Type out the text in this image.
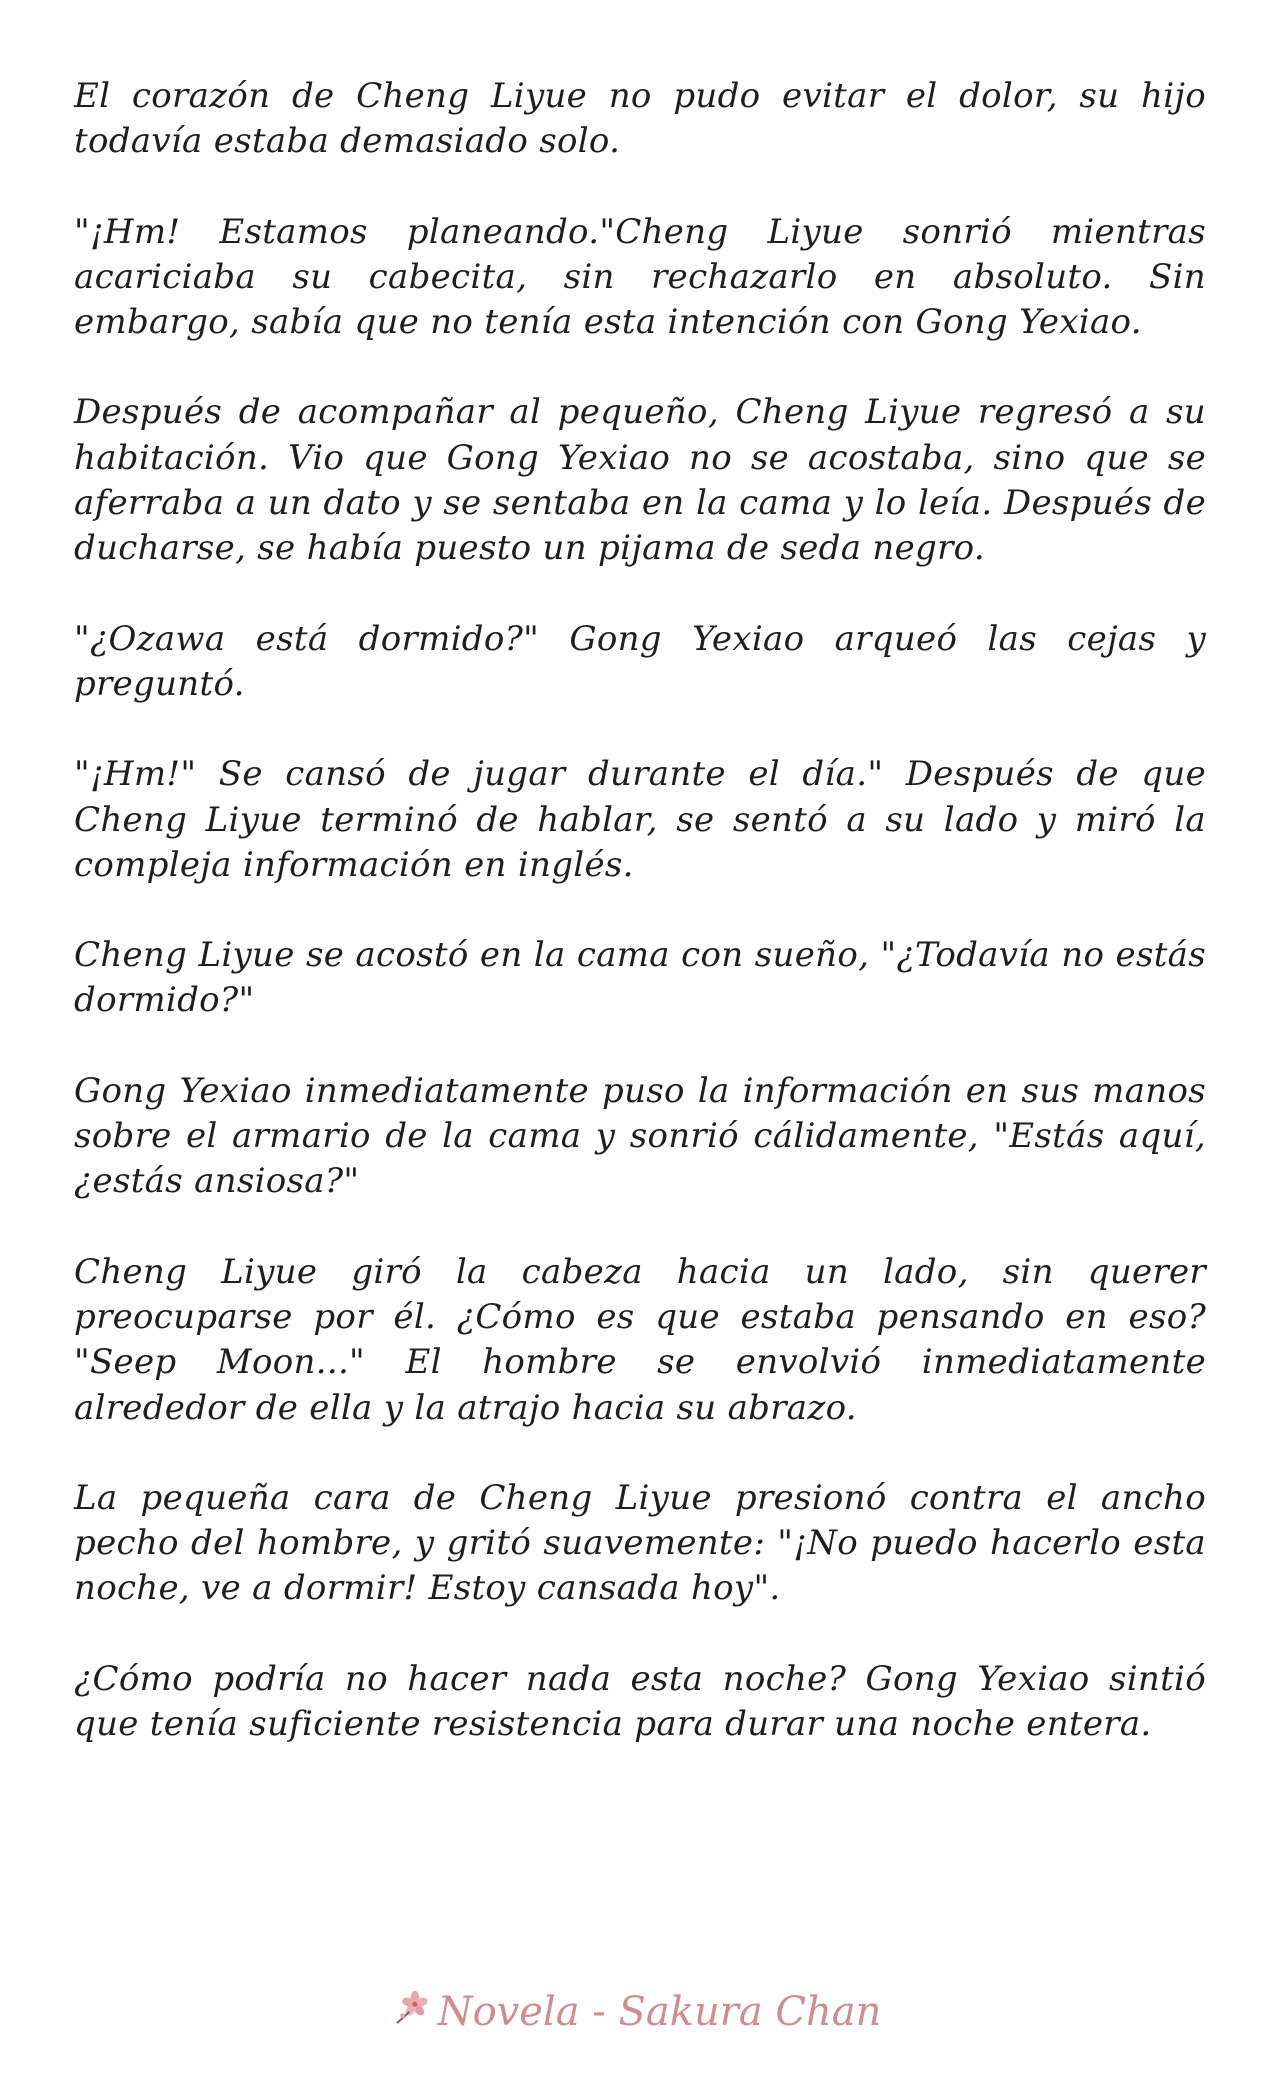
El corazón de Cheng Liyue no pudo evitar el dolor, su hijo todavía estaba demasiado solo.

"¡Hm! Estamos planeando."Cheng Liyue sonrió mientras acariciaba su cabecita, sin rechazarlo en absoluto. Sin embargo, sabía que no tenía esta intención con Gong Yexiao.

Después de acompañar al pequeño, Cheng Liyue regresó a su habitación. Vio que Gong Yexiao no se acostaba, sino que se aferraba a un dato y se sentaba en la cama y lo leía. Después de ducharse, se había puesto un pijama de seda negro.

"¿Ozawa está dormido?" Gong Yexiao arqueó las cejas y preguntó.

"¡Hm!" Se cansó de jugar durante el día." Después de que Cheng Liyue terminó de hablar, se sentó a su lado y miró la compleja información en inglés.

Cheng Liyue se acostó en la cama con sueño, "¿Todavía no estás dormido?"

Gong Yexiao inmediatamente puso la información en sus manos sobre el armario de la cama y sonrió cálidamente, "Estás aquí, ¿estás ansiosa?"

Cheng Liyue giró la cabeza hacia un lado, sin querer preocuparse por él. ¿Cómo es que estaba pensando en eso? "Seep Moon..." El hombre se envolvió inmediatamente alrededor de ella y la atrajo hacia su abrazo.

La pequeña cara de Cheng Liyue presionó contra el ancho pecho del hombre, y gritó suavemente: "¡No puedo hacerlo esta noche, ve a dormir! Estoy cansada hoy".

¿Cómo podría no hacer nada esta noche? Gong Yexiao sintió que tenía suficiente resistencia para durar una noche entera.

Novela - Sakura Chan
